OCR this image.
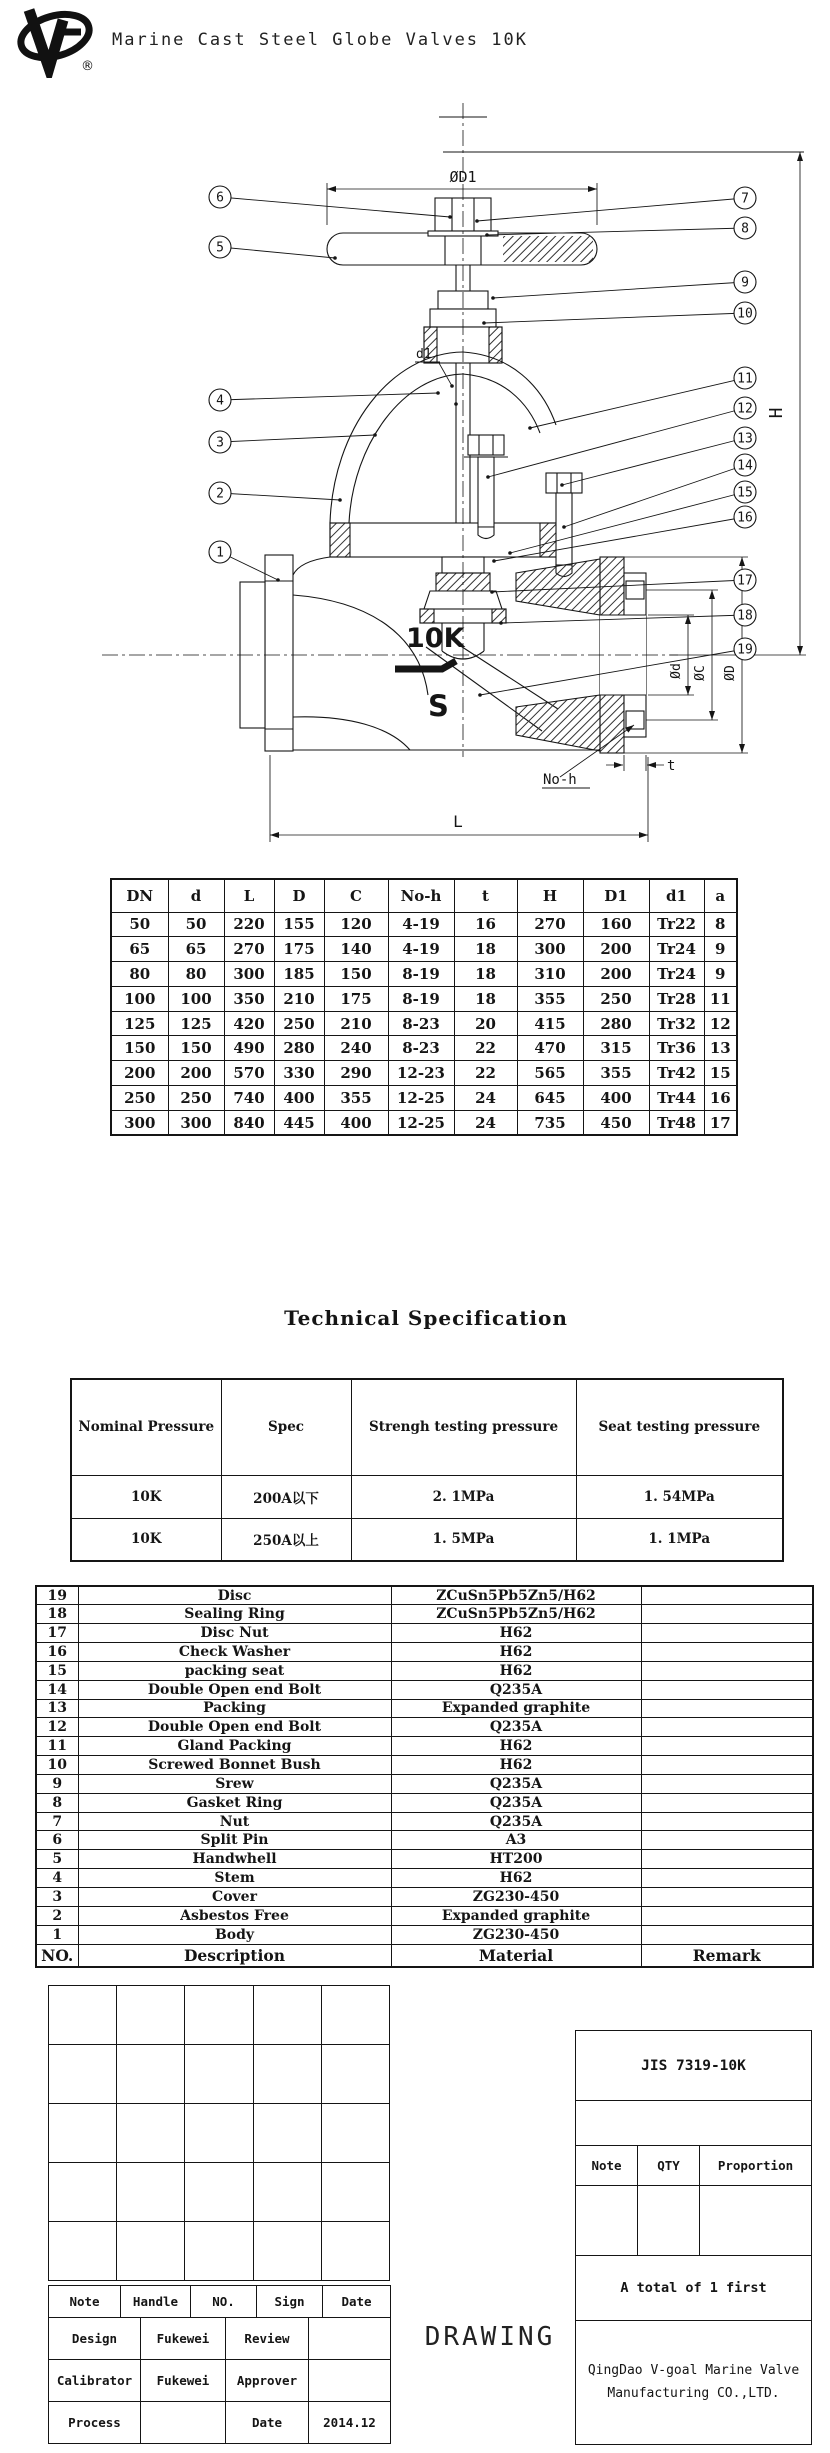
®
Marine Cast Steel Globe Valves 10K
ØD1
H
d1
10K
S
Ød ØC ØD
No-h
t
L
1
2
3
4
5
6	7
8
9
10
11
12
13
14
15
16
17
18
19
DN	d	L	D	C	No-h	t	H	D1	d1	a
50	50	220	155	120	4-19	16	270	160	Tr22	8
65	65	270	175	140	4-19	18	300	200	Tr24	9
80	80	300	185	150	8-19	18	310	200	Tr24	9
100	100	350	210	175	8-19	18	355	250	Tr28	11
125	125	420	250	210	8-23	20	415	280	Tr32	12
150	150	490	280	240	8-23	22	470	315	Tr36	13
200	200	570	330	290	12-23	22	565	355	Tr42	15
250	250	740	400	355	12-25	24	645	400	Tr44	16
300	300	840	445	400	12-25	24	735	450	Tr48	17
Technical Specification
Nominal Pressure	Spec	Strengh testing pressure	Seat testing pressure
10K	200A以下	2. 1MPa	1. 54MPa
10K	250A以上	1. 5MPa	1. 1MPa
19	Disc	ZCuSn5Pb5Zn5/H62	
18	Sealing Ring	ZCuSn5Pb5Zn5/H62	
17	Disc Nut	H62	
16	Check Washer	H62	
15	packing seat	H62	
14	Double Open end Bolt	Q235A	
13	Packing	Expanded graphite	
12	Double Open end Bolt	Q235A	
11	Gland Packing	H62	
10	Screwed Bonnet Bush	H62	
9	Srew	Q235A	
8	Gasket Ring	Q235A	
7	Nut	Q235A	
6	Split Pin	A3	
5	Handwhell	HT200	
4	Stem	H62	
3	Cover	ZG230-450	
2	Asbestos Free	Expanded graphite	
1	Body	ZG230-450	
NO.	Description	Material	Remark

Note	Handle	NO.	Sign	Date
Design	Fukewei	Review	
Calibrator	Fukewei	Approver	
Process		Date	2014.12
JIS 7319-10K
Note	QTY	Proportion

A total of 1 first
QingDao V-goal Marine Valve
Manufacturing CO.,LTD.
DRAWING
